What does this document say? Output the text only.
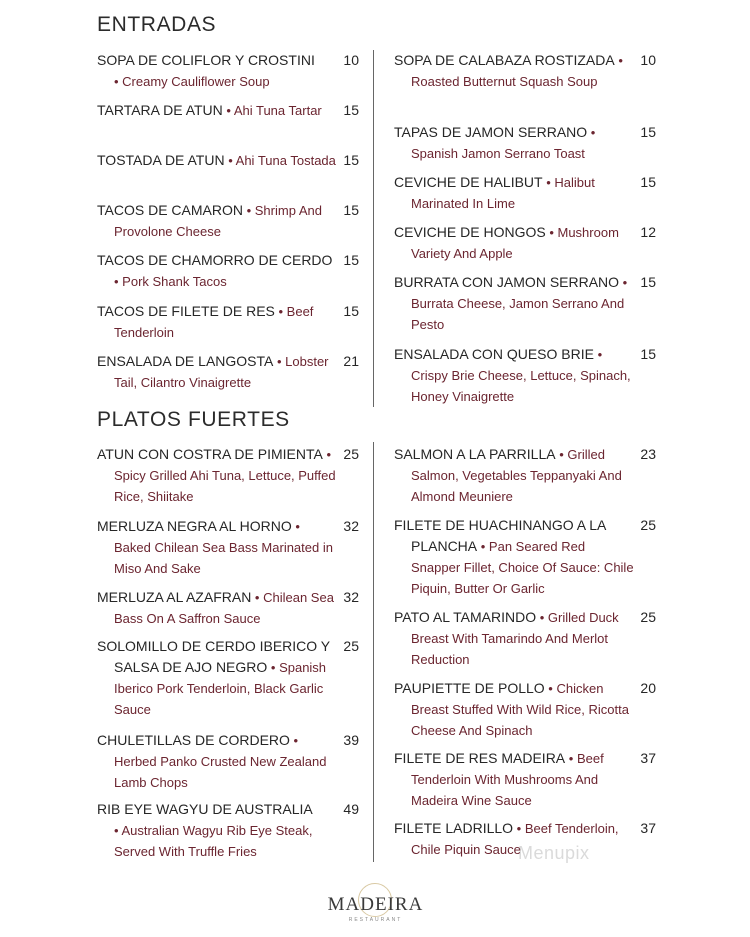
ENTRADAS
PLATOS FUERTES
SOPA DE COLIFLOR Y CROSTINI
• Creamy Cauliflower Soup
10
TARTARA DE ATUN • Ahi Tuna Tartar	15
TOSTADA DE ATUN • Ahi Tuna Tostada 15
TACOS DE CAMARON • Shrimp And Provolone Cheese
15
TACOS DE CHAMORRO DE CERDO • Pork Shank Tacos
15
TACOS DE FILETE DE RES • Beef Tenderloin
15
ENSALADA DE LANGOSTA • Lobster Tail, Cilantro Vinaigrette
21
SOPA DE CALABAZA ROSTIZADA • Roasted Butternut Squash Soup
10
TAPAS DE JAMON SERRANO • Spanish Jamon Serrano Toast
15
CEVICHE DE HALIBUT • Halibut Marinated In Lime
15
CEVICHE DE HONGOS • Mushroom Variety And Apple
12
BURRATA CON JAMON SERRANO • Burrata Cheese, Jamon Serrano And Pesto
15
ENSALADA CON QUESO BRIE • Crispy Brie Cheese, Lettuce, Spinach, Honey Vinaigrette
15
ATUN CON COSTRA DE PIMIENTA • Spicy Grilled Ahi Tuna, Lettuce, Puffed Rice, Shiitake
25
MERLUZA NEGRA AL HORNO • Baked Chilean Sea Bass Marinated in Miso And Sake
32
MERLUZA AL AZAFRAN • Chilean Sea Bass On A Saffron Sauce
32
SOLOMILLO DE CERDO IBERICO Y SALSA DE AJO NEGRO • Spanish Iberico Pork Tenderloin, Black Garlic Sauce
25
CHULETILLAS DE CORDERO • Herbed Panko Crusted New Zealand Lamb Chops
39
RIB EYE WAGYU DE AUSTRALIA
• Australian Wagyu Rib Eye Steak, Served With Truffle Fries
49
SALMON A LA PARRILLA • Grilled Salmon, Vegetables Teppanyaki And Almond Meuniere
23
FILETE DE HUACHINANGO A LA PLANCHA • Pan Seared Red Snapper Fillet, Choice Of Sauce: Chile Piquin, Butter Or Garlic
25
PATO AL TAMARINDO • Grilled Duck Breast With Tamarindo And Merlot Reduction
25
PAUPIETTE DE POLLO • Chicken Breast Stuffed With Wild Rice, Ricotta Cheese And Spinach
20
FILETE DE RES MADEIRA • Beef Tenderloin With Mushrooms And Madeira Wine Sauce
37
FILETE LADRILLO • Beef Tenderloin, Chile Piquin Sauce
37
MADEIRA
RESTAURANT
Menupix
